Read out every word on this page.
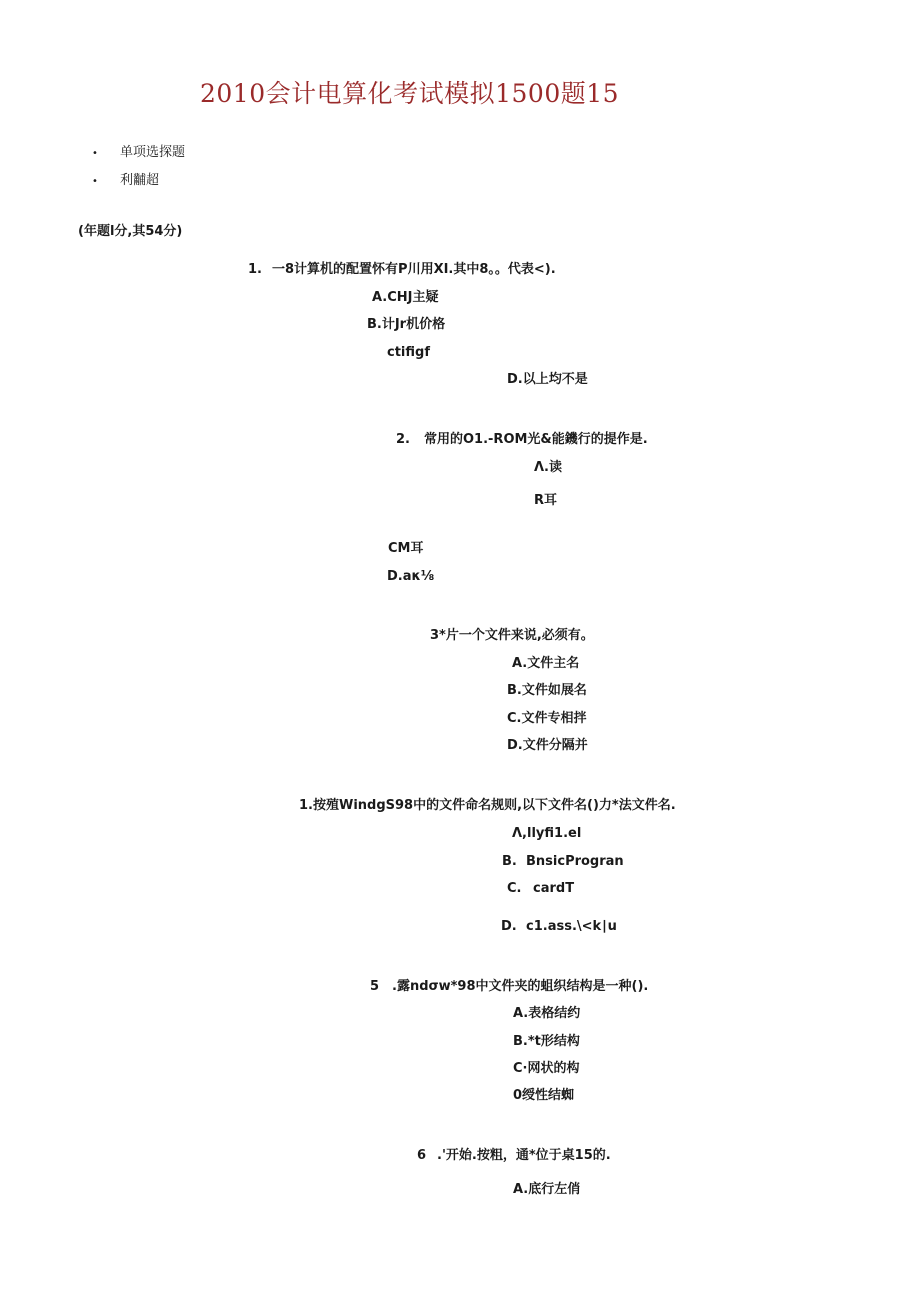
2010会计电算化考试模拟1500题15
• 单项选探题
• 利黼超
(年题l分,其54分)
1. 一8计算机的配置怀有P川用XI.其中8。。代表<).
A.CHJ主疑
B.计Jr机价格
ctifigf
D.以上均不是
2. 常用的O1.-ROM光&能鐖行的提作是.
Λ.读
R耳
CM耳
D.aκ⅛
3*片一个文件来说,必须有。
A.文件主名
B.文件如展名
C.文件专相拌
D.文件分隔并
1.按殖WindgS98中的文件命名规则,以下文件名()力*法文件名.
Λ,llyfi1.el
B. BnsicProgran
C. cardT
D. c1.ass.\<k∣u
5 .露ndσw*98中文件夹的蛆织结构是一种().
A.表格结约
B.*t形结构
C·网状的构
0绶性结蜘
6 .'开始.按粗，通*位于桌15的.
A.底行左俏
